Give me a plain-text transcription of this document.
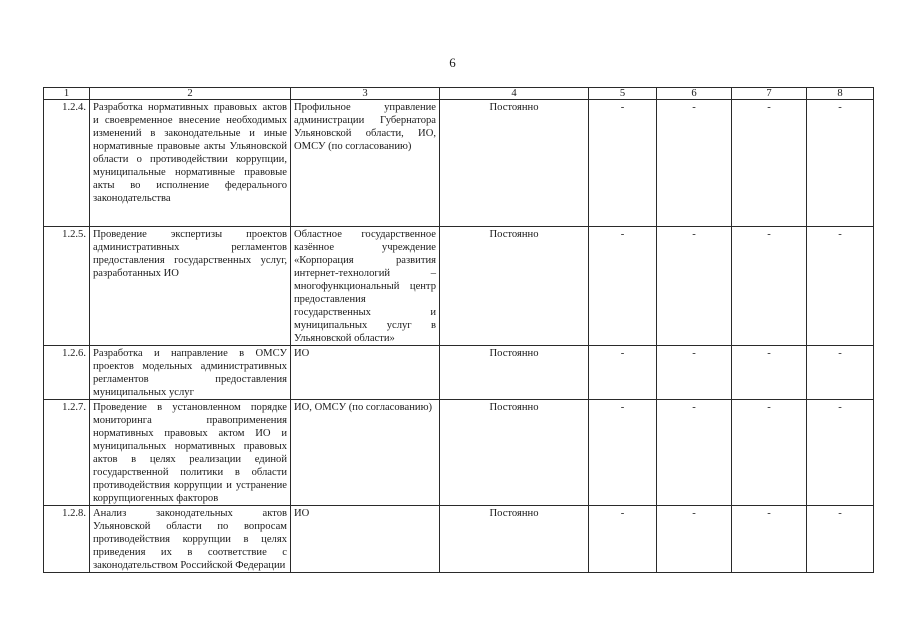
6
1	2	3	4	5	6	7	8
1.2.4.	Разработка нормативных правовых актов и своевременное внесение необходимых изменений в законодательные и иные нормативные правовые акты Ульяновской области о противодействии коррупции, муниципальные нормативные правовые акты во исполнение федерального законодательства	Профильное управление администрации Губернатора Ульяновской области, ИО, ОМСУ (по согласованию)	Постоянно	-	-	-	-
1.2.5.	Проведение экспертизы проектов административных регламентов предоставления государственных услуг, разработанных ИО	Областное государственное казённое учреждение «Корпорация развития интернет-технологий – многофункциональный центр предоставления государственных и муниципальных услуг в Ульяновской области»	Постоянно	-	-	-	-
1.2.6.	Разработка и направление в ОМСУ проектов модельных административных регламентов предоставления муниципальных услуг	ИО	Постоянно	-	-	-	-
1.2.7.	Проведение в установленном порядке мониторинга правоприменения нормативных правовых актом ИО и муниципальных нормативных правовых актов в целях реализации единой государственной политики в области противодействия коррупции и устранение коррупциогенных факторов	ИО, ОМСУ (по согласованию)	Постоянно	-	-	-	-
1.2.8.	Анализ законодательных актов Ульяновской области по вопросам противодействия коррупции в целях приведения их в соответствие с законодательством Российской Федерации	ИО	Постоянно	-	-	-	-
